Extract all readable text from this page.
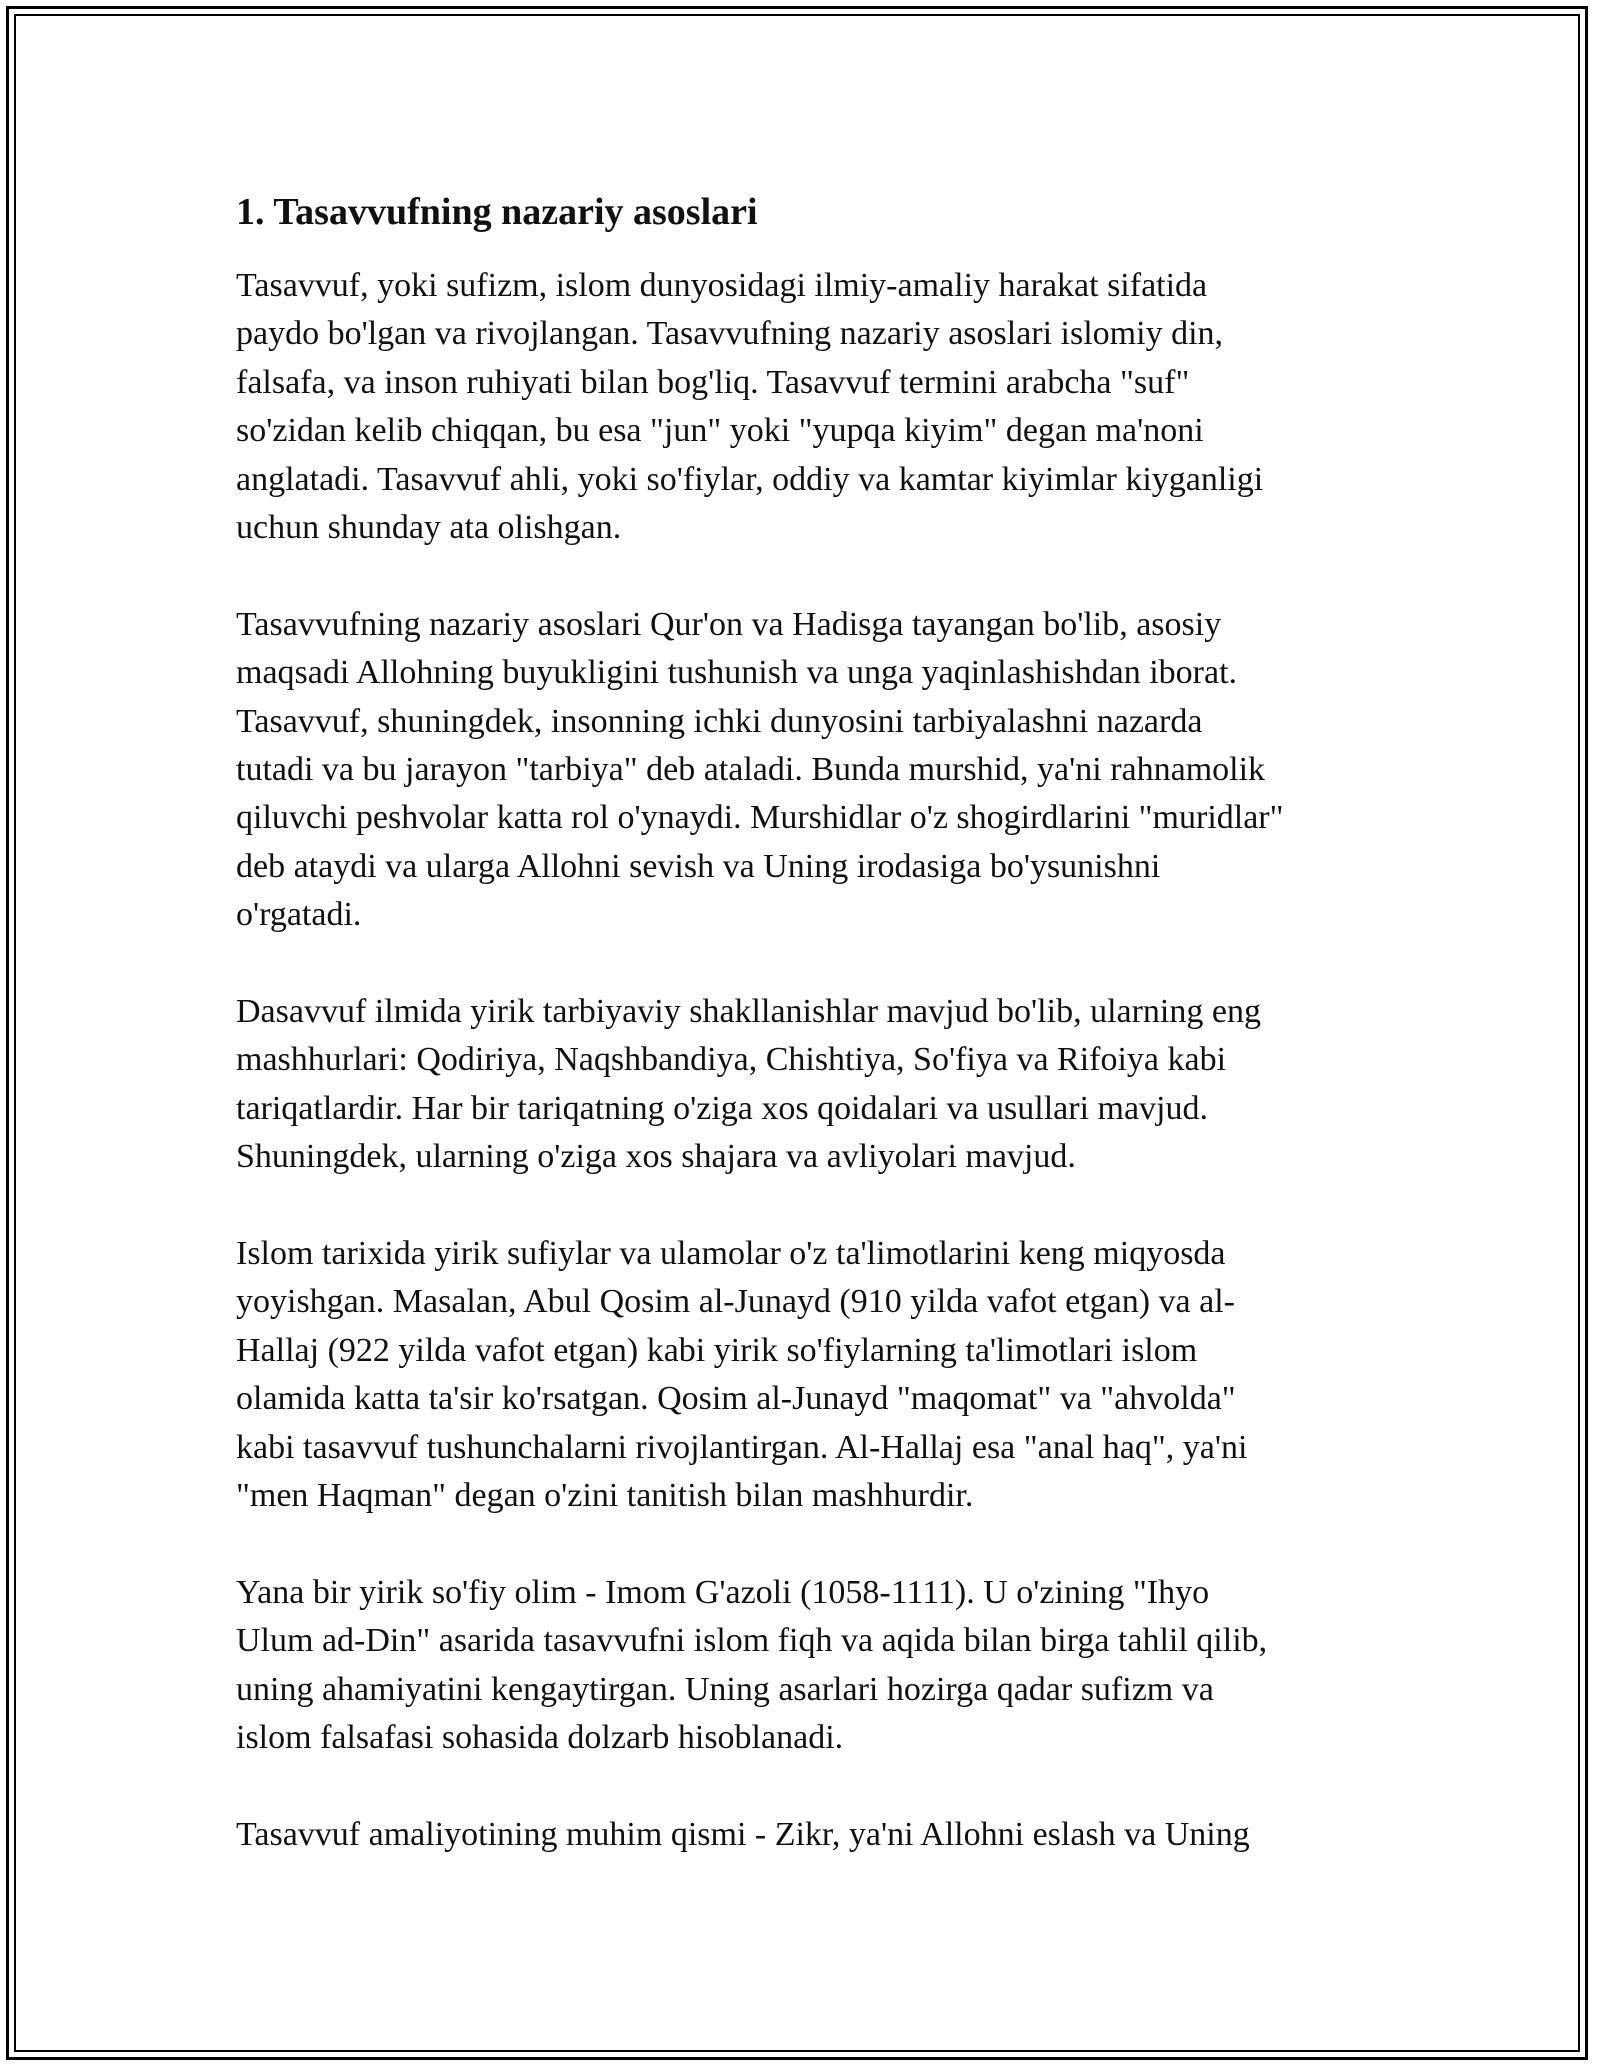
1. Tasavvufning nazariy asoslari
Tasavvuf, yoki sufizm, islom dunyosidagi ilmiy-amaliy harakat sifatida
paydo bo'lgan va rivojlangan. Tasavvufning nazariy asoslari islomiy din,
falsafa, va inson ruhiyati bilan bog'liq. Tasavvuf termini arabcha "suf"
so'zidan kelib chiqqan, bu esa "jun" yoki "yupqa kiyim" degan ma'noni
anglatadi. Tasavvuf ahli, yoki so'fiylar, oddiy va kamtar kiyimlar kiyganligi
uchun shunday ata olishgan.
Tasavvufning nazariy asoslari Qur'on va Hadisga tayangan bo'lib, asosiy
maqsadi Allohning buyukligini tushunish va unga yaqinlashishdan iborat.
Tasavvuf, shuningdek, insonning ichki dunyosini tarbiyalashni nazarda
tutadi va bu jarayon "tarbiya" deb ataladi. Bunda murshid, ya'ni rahnamolik
qiluvchi peshvolar katta rol o'ynaydi. Murshidlar o'z shogirdlarini "muridlar"
deb ataydi va ularga Allohni sevish va Uning irodasiga bo'ysunishni
o'rgatadi.
Dasavvuf ilmida yirik tarbiyaviy shakllanishlar mavjud bo'lib, ularning eng
mashhurlari: Qodiriya, Naqshbandiya, Chishtiya, So'fiya va Rifoiya kabi
tariqatlardir. Har bir tariqatning o'ziga xos qoidalari va usullari mavjud.
Shuningdek, ularning o'ziga xos shajara va avliyolari mavjud.
Islom tarixida yirik sufiylar va ulamolar o'z ta'limotlarini keng miqyosda
yoyishgan. Masalan, Abul Qosim al-Junayd (910 yilda vafot etgan) va al-
Hallaj (922 yilda vafot etgan) kabi yirik so'fiylarning ta'limotlari islom
olamida katta ta'sir ko'rsatgan. Qosim al-Junayd "maqomat" va "ahvolda"
kabi tasavvuf tushunchalarni rivojlantirgan. Al-Hallaj esa "anal haq", ya'ni
"men Haqman" degan o'zini tanitish bilan mashhurdir.
Yana bir yirik so'fiy olim - Imom G'azoli (1058-1111). U o'zining "Ihyo
Ulum ad-Din" asarida tasavvufni islom fiqh va aqida bilan birga tahlil qilib,
uning ahamiyatini kengaytirgan. Uning asarlari hozirga qadar sufizm va
islom falsafasi sohasida dolzarb hisoblanadi.
Tasavvuf amaliyotining muhim qismi - Zikr, ya'ni Allohni eslash va Uning
